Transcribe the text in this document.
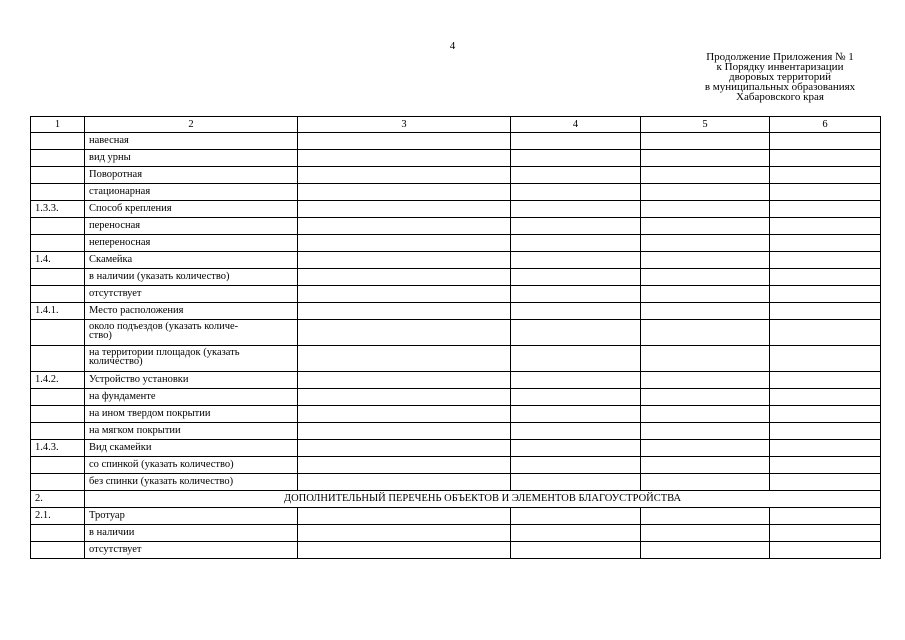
4
Продолжение Приложения № 1
к Порядку инвентаризации
дворовых территорий
в муниципальных образованиях
Хабаровского края
1	2	3	4	5	6
	навесная				
	вид урны				
	Поворотная				
	стационарная				
1.3.3.	Способ крепления				
	переносная				
	непереносная				
1.4.	Скамейка				
	в наличии (указать количество)				
	отсутствует				
1.4.1.	Место расположения				
	около подъездов (указать количе-
ство)				
	на территории площадок (указать
количество)				
1.4.2.	Устройство установки				
	на фундаменте				
	на ином твердом покрытии				
	на мягком покрытии				
1.4.3.	Вид скамейки				
	со спинкой (указать количество)				
	без спинки (указать количество)				
2.	ДОПОЛНИТЕЛЬНЫЙ ПЕРЕЧЕНЬ ОБЪЕКТОВ И ЭЛЕМЕНТОВ БЛАГОУСТРОЙСТВА				
2.1.	Тротуар				
	в наличии				
	отсутствует				
